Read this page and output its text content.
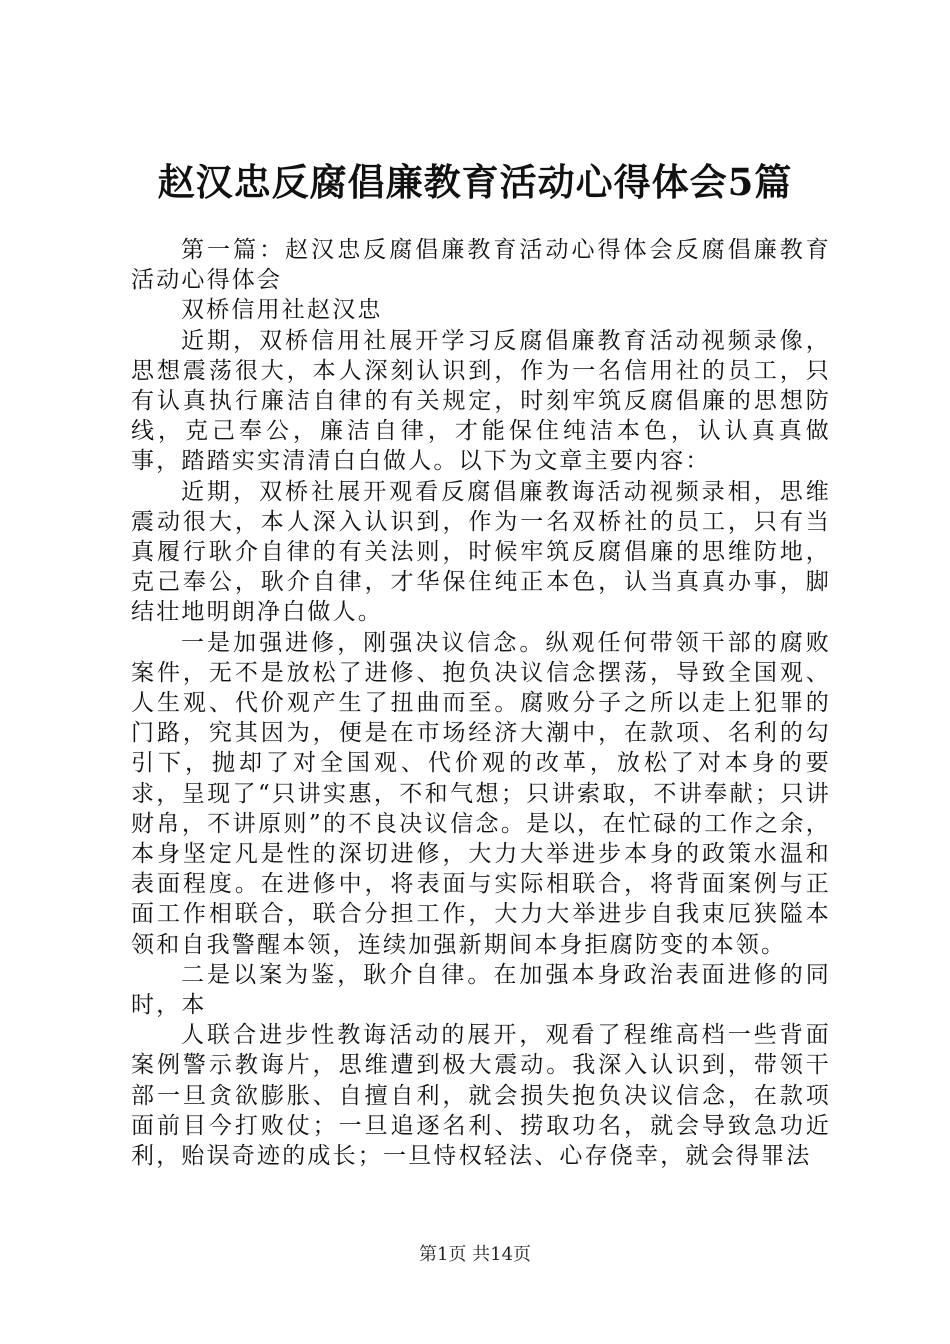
赵汉忠反腐倡廉教育活动心得体会5篇

第一篇：赵汉忠反腐倡廉教育活动心得体会反腐倡廉教育活动心得体会

双桥信用社赵汉忠

近期，双桥信用社展开学习反腐倡廉教育活动视频录像，思想震荡很大，本人深刻认识到，作为一名信用社的员工，只有认真执行廉洁自律的有关规定，时刻牢筑反腐倡廉的思想防线，克己奉公，廉洁自律，才能保住纯洁本色，认认真真做事，踏踏实实清清白白做人。以下为文章主要内容：

近期，双桥社展开观看反腐倡廉教诲活动视频录相，思维震动很大，本人深入认识到，作为一名双桥社的员工，只有当真履行耿介自律的有关法则，时候牢筑反腐倡廉的思维防地，克己奉公，耿介自律，才华保住纯正本色，认当真真办事，脚结壮地明朗净白做人。

一是加强进修，刚强决议信念。纵观任何带领干部的腐败案件，无不是放松了进修、抱负决议信念摆荡，导致全国观、人生观、代价观产生了扭曲而至。腐败分子之所以走上犯罪的门路，究其因为，便是在市场经济大潮中，在款项、名利的勾引下，抛却了对全国观、代价观的改革，放松了对本身的要求，呈现了“只讲实惠，不和气想；只讲索取，不讲奉献；只讲财帛，不讲原则”的不良决议信念。是以，在忙碌的工作之余，本身坚定凡是性的深切进修，大力大举进步本身的政策水温和表面程度。在进修中，将表面与实际相联合，将背面案例与正面工作相联合，联合分担工作，大力大举进步自我束厄狭隘本领和自我警醒本领，连续加强新期间本身拒腐防变的本领。

二是以案为鉴，耿介自律。在加强本身政治表面进修的同时，本

人联合进步性教诲活动的展开，观看了程维高档一些背面案例警示教诲片，思维遭到极大震动。我深入认识到，带领干部一旦贪欲膨胀、自擅自利，就会损失抱负决议信念，在款项面前目今打败仗；一旦追逐名利、捞取功名，就会导致急功近利，贻误奇迹的成长；一旦恃权轻法、心存侥幸，就会得罪法

第1页 共14页
